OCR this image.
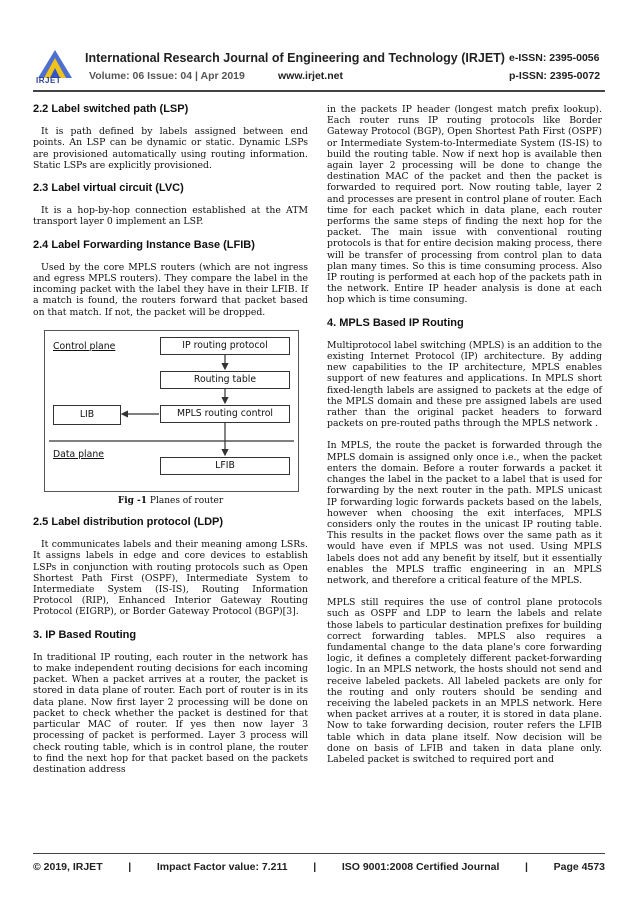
IRJET
International Research Journal of Engineering and Technology (IRJET) e-ISSN: 2395-0056
Volume: 06 Issue: 04 | Apr 2019	www.irjet.net	p-ISSN: 2395-0072
2.2 Label switched path (LSP)

It is path defined by labels assigned between end points. An LSP can be dynamic or static. Dynamic LSPs are provisioned automatically using routing information. Static LSPs are explicitly provisioned.

2.3 Label virtual circuit (LVC)

It is a hop-by-hop connection established at the ATM transport layer 0 implement an LSP.

2.4 Label Forwarding Instance Base (LFIB)

Used by the core MPLS routers (which are not ingress and egress MPLS routers). They compare the label in the incoming packet with the label they have in their LFIB. If a match is found, the routers forward that packet based on that match. If not, the packet will be dropped.

Control plane	IP routing protocol
Routing table
LIB	MPLS routing control
Data plane
LFIB
Fig -1 Planes of router
2.5 Label distribution protocol (LDP)

It communicates labels and their meaning among LSRs. It assigns labels in edge and core devices to establish LSPs in conjunction with routing protocols such as Open Shortest Path First (OSPF), Intermediate System to Intermediate System (IS-IS), Routing Information Protocol (RIP), Enhanced Interior Gateway Routing Protocol (EIGRP), or Border Gateway Protocol (BGP)[3].

3. IP Based Routing

In traditional IP routing, each router in the network has to make independent routing decisions for each incoming packet. When a packet arrives at a router, the packet is stored in data plane of router. Each port of router is in its data plane. Now first layer 2 processing will be done on packet to check whether the packet is destined for that particular MAC of router. If yes then now layer 3 processing of packet is performed. Layer 3 process will check routing table, which is in control plane, the router to find the next hop for that packet based on the packets destination address

in the packets IP header (longest match prefix lookup). Each router runs IP routing protocols like Border Gateway Protocol (BGP), Open Shortest Path First (OSPF) or Intermediate System-to-Intermediate System (IS-IS) to build the routing table. Now if next hop is available then again layer 2 processing will be done to change the destination MAC of the packet and then the packet is forwarded to required port. Now routing table, layer 2 and processes are present in control plane of router. Each time for each packet which in data plane, each router performs the same steps of finding the next hop for the packet. The main issue with conventional routing protocols is that for entire decision making process, there will be transfer of processing from control plan to data plan many times. So this is time consuming process. Also IP routing is performed at each hop of the packets path in the network. Entire IP header analysis is done at each hop which is time consuming.

4. MPLS Based IP Routing

Multiprotocol label switching (MPLS) is an addition to the existing Internet Protocol (IP) architecture. By adding new capabilities to the IP architecture, MPLS enables support of new features and applications. In MPLS short fixed-length labels are assigned to packets at the edge of the MPLS domain and these pre assigned labels are used rather than the original packet headers to forward packets on pre-routed paths through the MPLS network .

In MPLS, the route the packet is forwarded through the MPLS domain is assigned only once i.e., when the packet enters the domain. Before a router forwards a packet it changes the label in the packet to a label that is used for forwarding by the next router in the path. MPLS unicast IP forwarding logic forwards packets based on the labels, however when choosing the exit interfaces, MPLS considers only the routes in the unicast IP routing table. This results in the packet flows over the same path as it would have even if MPLS was not used. Using MPLS labels does not add any benefit by itself, but it essentially enables the MPLS traffic engineering in an MPLS network, and therefore a critical feature of the MPLS.

MPLS still requires the use of control plane protocols such as OSPF and LDP to learn the labels and relate those labels to particular destination prefixes for building correct forwarding tables. MPLS also requires a fundamental change to the data plane's core forwarding logic, it defines a completely different packet-forwarding logic. In an MPLS network, the hosts should not send and receive labeled packets. All labeled packets are only for the routing and only routers should be sending and receiving the labeled packets in an MPLS network. Here when packet arrives at a router, it is stored in data plane. Now to take forwarding decision, router refers the LFIB table which in data plane itself. Now decision will be done on basis of LFIB and taken in data plane only. Labeled packet is switched to required port and

© 2019, IRJET | Impact Factor value: 7.211 | ISO 9001:2008 Certified Journal | Page 4573
